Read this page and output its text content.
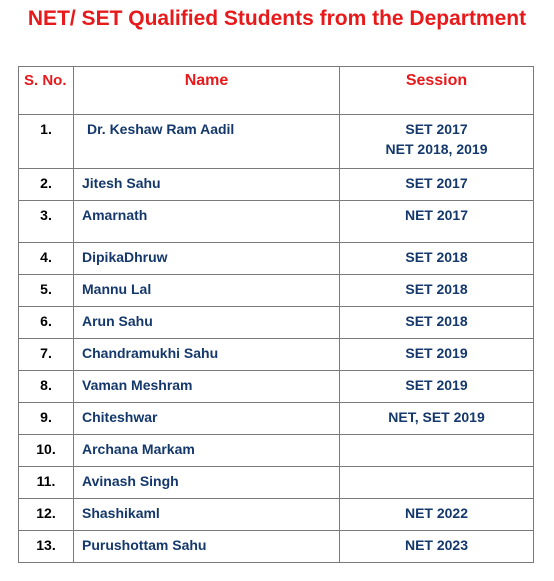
NET/ SET Qualified Students from the Department
S. No.	Name	Session
1.	Dr. Keshaw Ram Aadil	SET 2017
NET 2018, 2019

2.	Jitesh Sahu	SET 2017

3.	Amarnath	NET 2017

4.	DipikaDhruw	SET 2018

5.	Mannu Lal	SET 2018

6.	Arun Sahu	SET 2018

7.	Chandramukhi Sahu	SET 2019

8.	Vaman Meshram	SET 2019

9.	Chiteshwar	NET, SET 2019

10.	Archana Markam	
11.	Avinash Singh	
12.	Shashikaml	NET 2022

13.	Purushottam Sahu	NET 2023
